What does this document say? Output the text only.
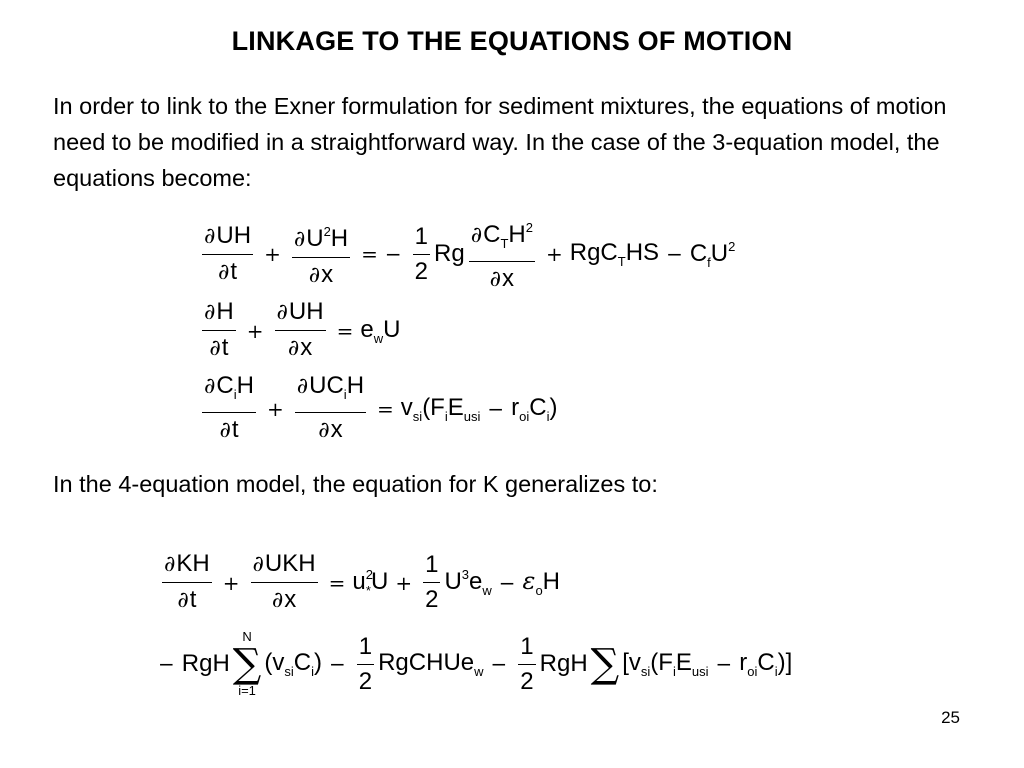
LINKAGE TO THE EQUATIONS OF MOTION
In order to link to the Exner formulation for sediment mixtures, the equations of motion need to be modified in a straightforward way. In the case of the 3-equation model, the equations become:
$\frac{\partial UH}{\partial t} + \frac{\partial U^2H}{\partial x}$ = − $\frac{1}{2}$ Rg $\frac{\partial C_TH^2}{\partial x} + RgC_THS - C_fU^2$
$\frac{\partial H}{\partial t} + \frac{\partial UH}{\partial x} = e_wU$
$\frac{\partial C_iH}{\partial t} + \frac{\partial UC_iH}{\partial x} = v_{si}(F_iE_{usi} - r_{oi}C_i)$
In the 4-equation model, the equation for K generalizes to:
$\frac{\partial KH}{\partial t} + \frac{\text{∂UKH}}{\partial x} = u^2_*U + \frac{1}{2} U^3e_w - \varepsilon_oH$
− RgH
N
∑
i=1
$(v_{si}C_i) - \frac{1}{2}$ RgCHUe$_w$ − $\frac{1}{2}$ RgH ∑ $[v_{si}(F_iE_{usi} - r_{oi}C_i)]$
25
